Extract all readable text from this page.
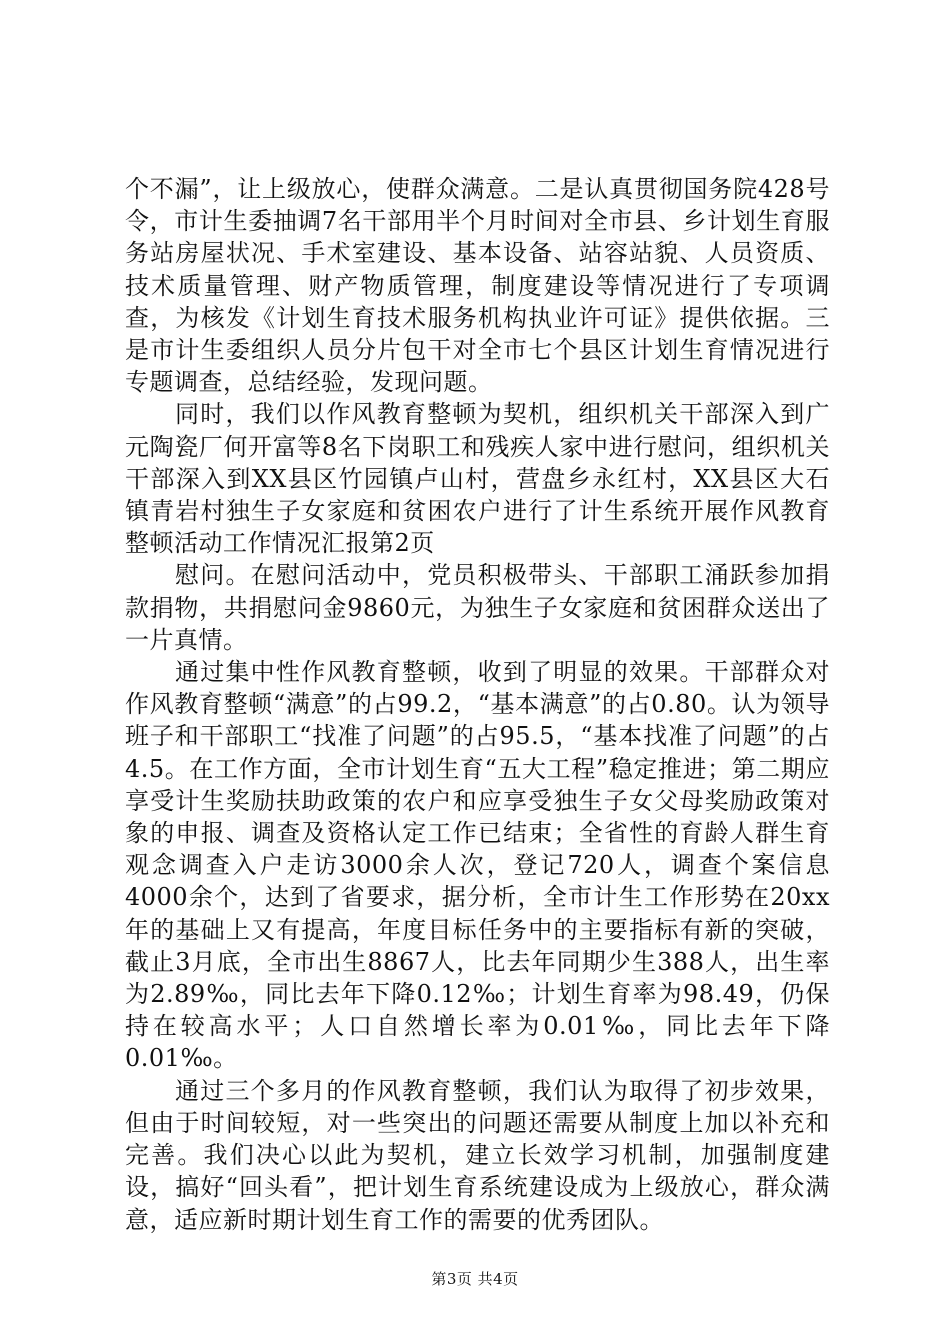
个不漏”，让上级放心，使群众满意。二是认真贯彻国务院428号令，市计生委抽调7名干部用半个月时间对全市县、乡计划生育服务站房屋状况、手术室建设、基本设备、站容站貌、人员资质、技术质量管理、财产物质管理，制度建设等情况进行了专项调查，为核发《计划生育技术服务机构执业许可证》提供依据。三是市计生委组织人员分片包干对全市七个县区计划生育情况进行专题调查，总结经验，发现问题。

同时，我们以作风教育整顿为契机，组织机关干部深入到广元陶瓷厂何开富等8名下岗职工和残疾人家中进行慰问，组织机关干部深入到XX县区竹园镇卢山村，营盘乡永红村，XX县区大石镇青岩村独生子女家庭和贫困农户进行了计生系统开展作风教育整顿活动工作情况汇报第2页

慰问。在慰问活动中，党员积极带头、干部职工涌跃参加捐款捐物，共捐慰问金9860元，为独生子女家庭和贫困群众送出了一片真情。

通过集中性作风教育整顿，收到了明显的效果。干部群众对作风教育整顿“满意”的占99.2，“基本满意”的占0.80。认为领导班子和干部职工“找准了问题”的占95.5，“基本找准了问题”的占4.5。在工作方面，全市计划生育“五大工程”稳定推进；第二期应享受计生奖励扶助政策的农户和应享受独生子女父母奖励政策对象的申报、调查及资格认定工作已结束；全省性的育龄人群生育观念调查入户走访3000余人次，登记720人，调查个案信息4000余个，达到了省要求，据分析，全市计生工作形势在20xx年的基础上又有提高，年度目标任务中的主要指标有新的突破，截止3月底，全市出生8867人，比去年同期少生388人，出生率为2.89‰，同比去年下降0.12‰；计划生育率为98.49，仍保持在较高水平；人口自然增长率为0.01‰，同比去年下降0.01‰。

通过三个多月的作风教育整顿，我们认为取得了初步效果，但由于时间较短，对一些突出的问题还需要从制度上加以补充和完善。我们决心以此为契机，建立长效学习机制，加强制度建设，搞好“回头看”，把计划生育系统建设成为上级放心，群众满意，适应新时期计划生育工作的需要的优秀团队。

第3页 共4页
